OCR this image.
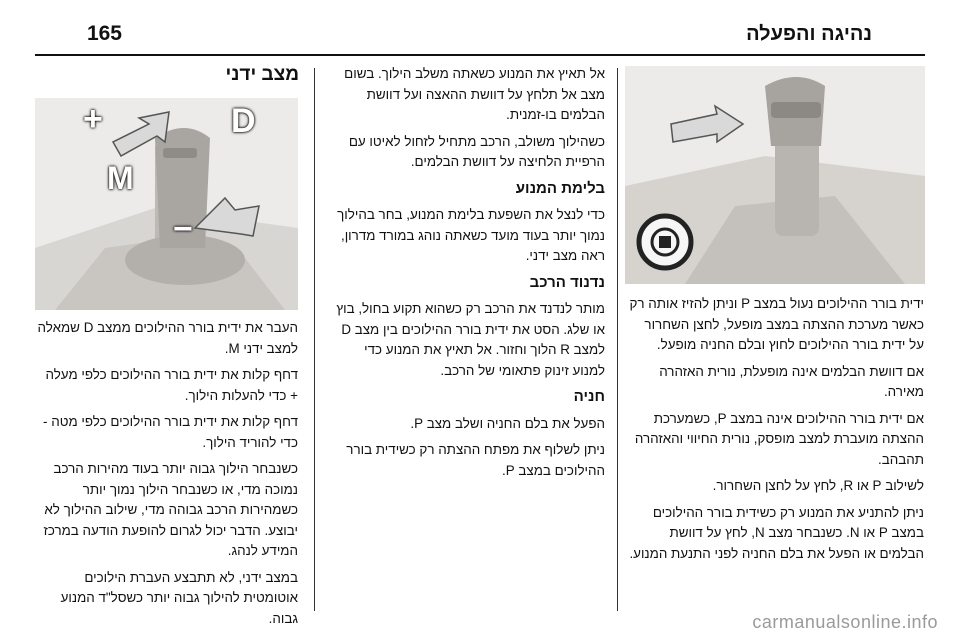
165	נהיגה והפעלה
מצב ידני
+	D
M
−

העבר את ידית בורר ההילוכים ממצב D שמאלה למצב ידני M.

דחף קלות את ידית בורר ההילוכים כלפי מעלה + כדי להעלות הילוך.

דחף קלות את ידית בורר ההילוכים כלפי מטה - כדי להוריד הילוך.

כשנבחר הילוך גבוה יותר בעוד מהירות הרכב נמוכה מדי, או כשנבחר הילוך נמוך יותר כשמהירות הרכב גבוהה מדי, שילוב ההילוך לא יבוצע. הדבר יכול לגרום להופעת הודעה במרכז המידע לנהג.

במצב ידני, לא תתבצע העברת הילוכים אוטומטית להילוך גבוה יותר כשסל"ד המנוע גבוה.

אל תאיץ את המנוע כשאתה משלב הילוך. בשום מצב אל תלחץ על דוושת ההאצה ועל דוושת הבלמים בו-זמנית.

כשהילוך משולב, הרכב מתחיל לזחול לאיטו עם הרפיית הלחיצה על דוושת הבלמים.

בלימת המנוע

כדי לנצל את השפעת בלימת המנוע, בחר בהילוך נמוך יותר בעוד מועד כשאתה נוהג במורד מדרון, ראה מצב ידני.

נדנוד הרכב

מותר לנדנד את הרכב רק כשהוא תקוע בחול, בוץ או שלג. הסט את ידית בורר ההילוכים בין מצב D למצב R הלוך וחזור. אל תאיץ את המנוע כדי למנוע זינוק פתאומי של הרכב.

חניה

הפעל את בלם החניה ושלב מצב P.

ניתן לשלוף את מפתח ההצתה רק כשידית בורר ההילוכים במצב P.

ידית בורר ההילוכים נעול במצב P וניתן להזיז אותה רק כאשר מערכת ההצתה במצב מופעל, לחצן השחרור על ידית בורר ההילוכים לחוץ ובלם החניה מופעל.

אם דוושת הבלמים אינה מופעלת, נורית האזהרה מאירה.

אם ידית בורר ההילוכים אינה במצב P, כשמערכת ההצתה מועברת למצב מופסק, נורית החיווי והאזהרה תהבהב.

לשילוב P או R, לחץ על לחצן השחרור.

ניתן להתניע את המנוע רק כשידית בורר ההילוכים במצב P או N. כשנבחר מצב N, לחץ על דוושת הבלמים או הפעל את בלם החניה לפני התנעת המנוע.

carmanualsonline.info
